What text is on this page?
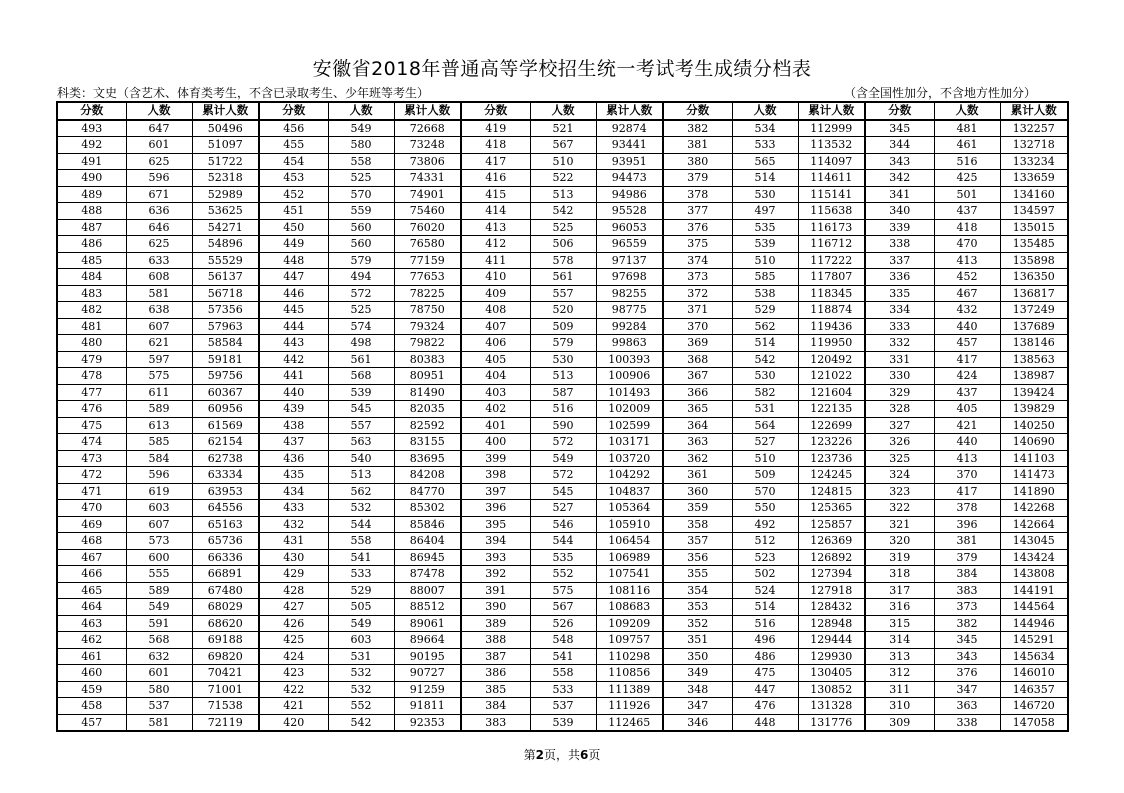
安徽省2018年普通高等学校招生统一考试考生成绩分档表
科类：文史（含艺术、体育类考生，不含已录取考生、少年班等考生）	（含全国性加分，不含地方性加分）
分数	人数	累计人数	分数	人数	累计人数	分数	人数	累计人数	分数	人数	累计人数	分数	人数	累计人数
493	647	50496	456	549	72668	419	521	92874	382	534	112999	345	481	132257
492	601	51097	455	580	73248	418	567	93441	381	533	113532	344	461	132718
491	625	51722	454	558	73806	417	510	93951	380	565	114097	343	516	133234
490	596	52318	453	525	74331	416	522	94473	379	514	114611	342	425	133659
489	671	52989	452	570	74901	415	513	94986	378	530	115141	341	501	134160
488	636	53625	451	559	75460	414	542	95528	377	497	115638	340	437	134597
487	646	54271	450	560	76020	413	525	96053	376	535	116173	339	418	135015
486	625	54896	449	560	76580	412	506	96559	375	539	116712	338	470	135485
485	633	55529	448	579	77159	411	578	97137	374	510	117222	337	413	135898
484	608	56137	447	494	77653	410	561	97698	373	585	117807	336	452	136350
483	581	56718	446	572	78225	409	557	98255	372	538	118345	335	467	136817
482	638	57356	445	525	78750	408	520	98775	371	529	118874	334	432	137249
481	607	57963	444	574	79324	407	509	99284	370	562	119436	333	440	137689
480	621	58584	443	498	79822	406	579	99863	369	514	119950	332	457	138146
479	597	59181	442	561	80383	405	530	100393	368	542	120492	331	417	138563
478	575	59756	441	568	80951	404	513	100906	367	530	121022	330	424	138987
477	611	60367	440	539	81490	403	587	101493	366	582	121604	329	437	139424
476	589	60956	439	545	82035	402	516	102009	365	531	122135	328	405	139829
475	613	61569	438	557	82592	401	590	102599	364	564	122699	327	421	140250
474	585	62154	437	563	83155	400	572	103171	363	527	123226	326	440	140690
473	584	62738	436	540	83695	399	549	103720	362	510	123736	325	413	141103
472	596	63334	435	513	84208	398	572	104292	361	509	124245	324	370	141473
471	619	63953	434	562	84770	397	545	104837	360	570	124815	323	417	141890
470	603	64556	433	532	85302	396	527	105364	359	550	125365	322	378	142268
469	607	65163	432	544	85846	395	546	105910	358	492	125857	321	396	142664
468	573	65736	431	558	86404	394	544	106454	357	512	126369	320	381	143045
467	600	66336	430	541	86945	393	535	106989	356	523	126892	319	379	143424
466	555	66891	429	533	87478	392	552	107541	355	502	127394	318	384	143808
465	589	67480	428	529	88007	391	575	108116	354	524	127918	317	383	144191
464	549	68029	427	505	88512	390	567	108683	353	514	128432	316	373	144564
463	591	68620	426	549	89061	389	526	109209	352	516	128948	315	382	144946
462	568	69188	425	603	89664	388	548	109757	351	496	129444	314	345	145291
461	632	69820	424	531	90195	387	541	110298	350	486	129930	313	343	145634
460	601	70421	423	532	90727	386	558	110856	349	475	130405	312	376	146010
459	580	71001	422	532	91259	385	533	111389	348	447	130852	311	347	146357
458	537	71538	421	552	91811	384	537	111926	347	476	131328	310	363	146720
457	581	72119	420	542	92353	383	539	112465	346	448	131776	309	338	147058
第2页，共6页
